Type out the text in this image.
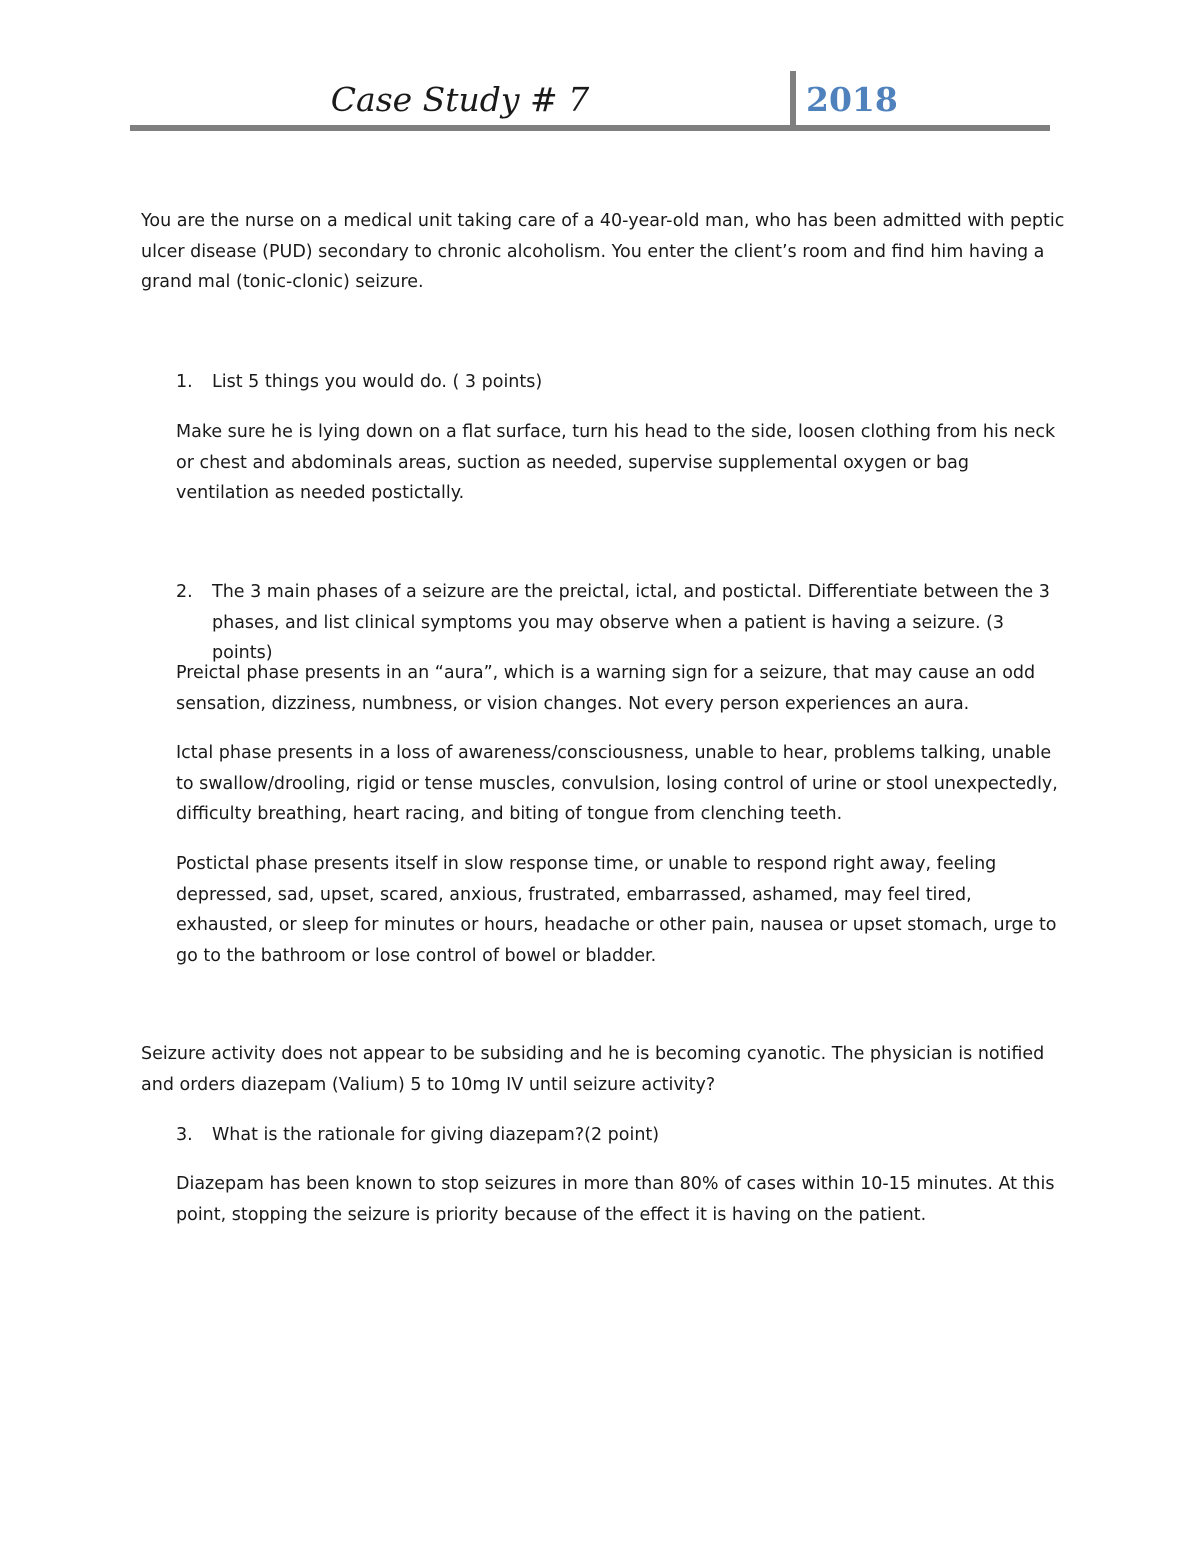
Case Study # 7	2018

You are the nurse on a medical unit taking care of a 40-year-old man, who has been admitted with peptic ulcer disease (PUD) secondary to chronic alcoholism. You enter the client’s room and find him having a grand mal (tonic-clonic) seizure.

1. List 5 things you would do. ( 3 points)

Make sure he is lying down on a flat surface, turn his head to the side, loosen clothing from his neck or chest and abdominals areas, suction as needed, supervise supplemental oxygen or bag ventilation as needed postictally.

2. The 3 main phases of a seizure are the preictal, ictal, and postictal. Differentiate between the 3 phases, and list clinical symptoms you may observe when a patient is having a seizure. (3 points)

Preictal phase presents in an “aura”, which is a warning sign for a seizure, that may cause an odd sensation, dizziness, numbness, or vision changes. Not every person experiences an aura.

Ictal phase presents in a loss of awareness/consciousness, unable to hear, problems talking, unable to swallow/drooling, rigid or tense muscles, convulsion, losing control of urine or stool unexpectedly, difficulty breathing, heart racing, and biting of tongue from clenching teeth.

Postictal phase presents itself in slow response time, or unable to respond right away, feeling depressed, sad, upset, scared, anxious, frustrated, embarrassed, ashamed, may feel tired, exhausted, or sleep for minutes or hours, headache or other pain, nausea or upset stomach, urge to go to the bathroom or lose control of bowel or bladder.

Seizure activity does not appear to be subsiding and he is becoming cyanotic. The physician is notified and orders diazepam (Valium) 5 to 10mg IV until seizure activity?

3. What is the rationale for giving diazepam?(2 point)

Diazepam has been known to stop seizures in more than 80% of cases within 10-15 minutes. At this point, stopping the seizure is priority because of the effect it is having on the patient.
